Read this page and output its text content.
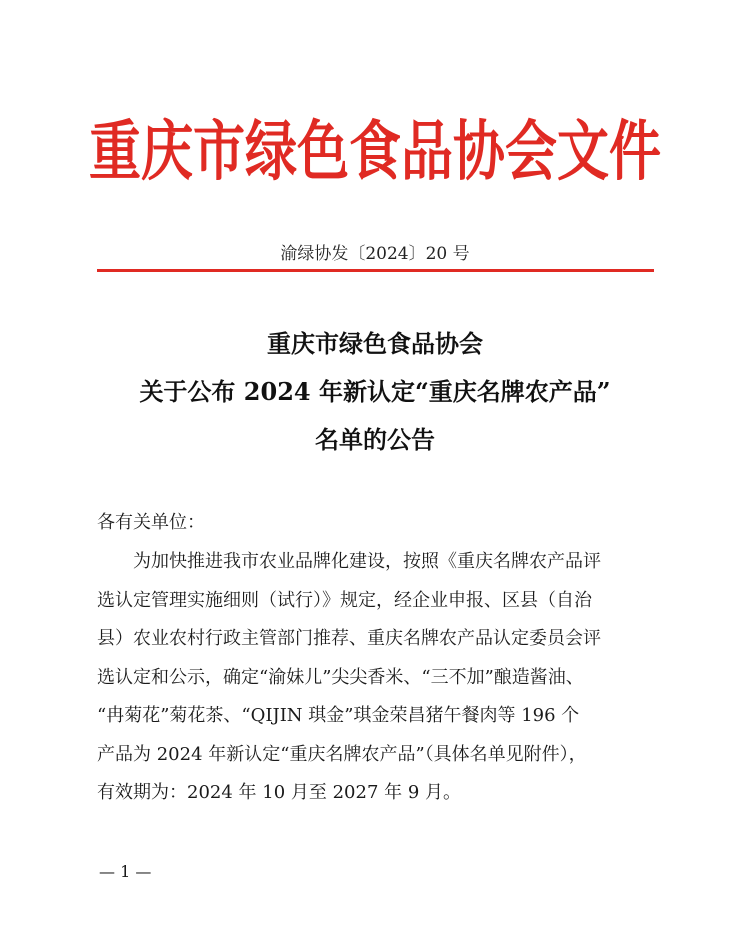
重庆市绿色食品协会文件
渝绿协发〔2024〕20 号
重庆市绿色食品协会
关于公布 2024 年新认定“重庆名牌农产品”
名单的公告
各有关单位：
　　为加快推进我市农业品牌化建设，按照《重庆名牌农产品评
选认定管理实施细则（试行）》规定，经企业申报、区县（自治
县）农业农村行政主管部门推荐、重庆名牌农产品认定委员会评
选认定和公示，确定“渝妹儿”尖尖香米、“三不加”酿造酱油、
“冉菊花”菊花茶、“QIJIN 琪金”琪金荣昌猪午餐肉等 196 个
产品为 2024 年新认定“重庆名牌农产品”（具体名单见附件），
有效期为：2024 年 10 月至 2027 年 9 月。
— 1 —
